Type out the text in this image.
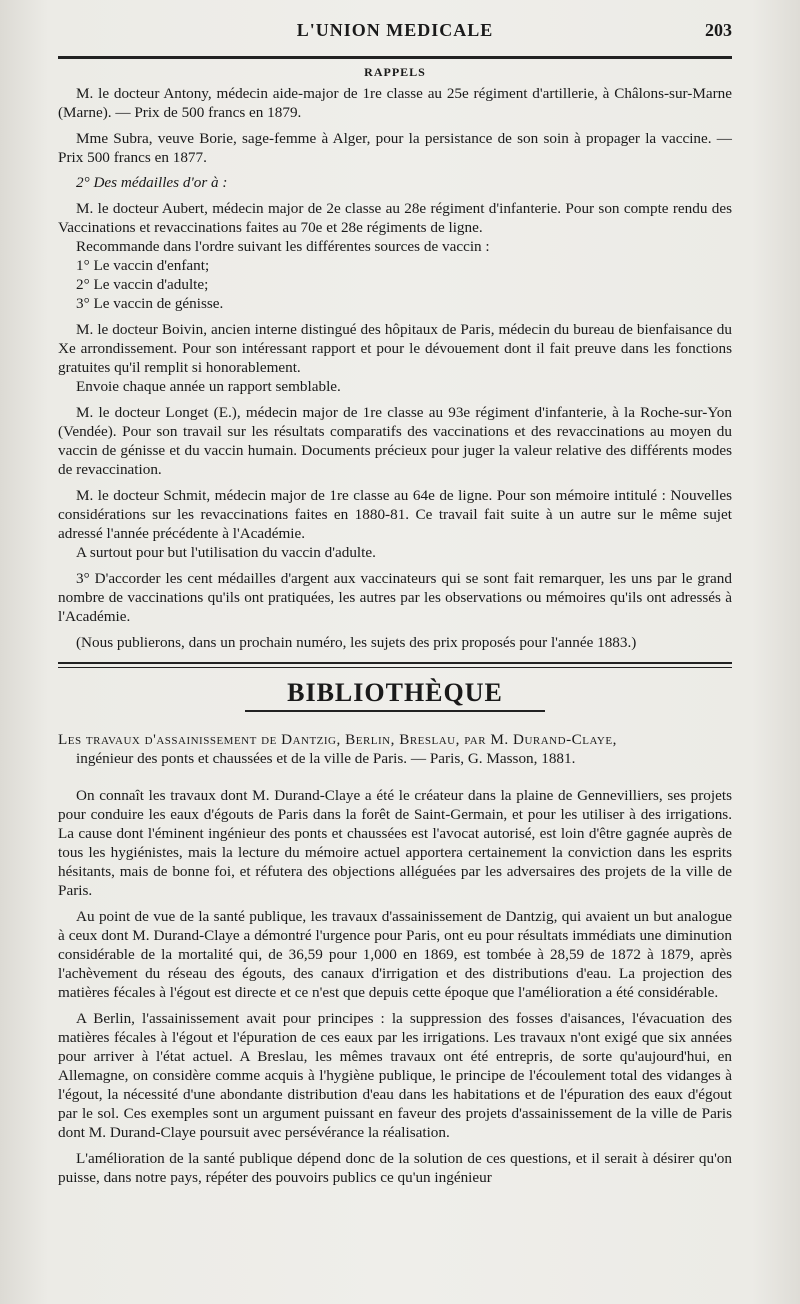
L'UNION MEDICALE	203
RAPPELS

M. le docteur Antony, médecin aide-major de 1re classe au 25e régiment d'artillerie, à Châlons-sur-Marne (Marne). — Prix de 500 francs en 1879.

Mme Subra, veuve Borie, sage-femme à Alger, pour la persistance de son soin à propager la vaccine. — Prix 500 francs en 1877.

2° Des médailles d'or à :

M. le docteur Aubert, médecin major de 2e classe au 28e régiment d'infanterie. Pour son compte rendu des Vaccinations et revaccinations faites au 70e et 28e régiments de ligne.

Recommande dans l'ordre suivant les différentes sources de vaccin :

1° Le vaccin d'enfant;

2° Le vaccin d'adulte;

3° Le vaccin de génisse.

M. le docteur Boivin, ancien interne distingué des hôpitaux de Paris, médecin du bureau de bienfaisance du Xe arrondissement. Pour son intéressant rapport et pour le dévouement dont il fait preuve dans les fonctions gratuites qu'il remplit si honorablement.

Envoie chaque année un rapport semblable.

M. le docteur Longet (E.), médecin major de 1re classe au 93e régiment d'infanterie, à la Roche-sur-Yon (Vendée). Pour son travail sur les résultats comparatifs des vaccinations et des revaccinations au moyen du vaccin de génisse et du vaccin humain. Documents précieux pour juger la valeur relative des différents modes de revaccination.

M. le docteur Schmit, médecin major de 1re classe au 64e de ligne. Pour son mémoire intitulé : Nouvelles considérations sur les revaccinations faites en 1880-81. Ce travail fait suite à un autre sur le même sujet adressé l'année précédente à l'Académie.

A surtout pour but l'utilisation du vaccin d'adulte.

3° D'accorder les cent médailles d'argent aux vaccinateurs qui se sont fait remarquer, les uns par le grand nombre de vaccinations qu'ils ont pratiquées, les autres par les observations ou mémoires qu'ils ont adressés à l'Académie.

(Nous publierons, dans un prochain numéro, les sujets des prix proposés pour l'année 1883.)

BIBLIOTHÈQUE
Les travaux d'assainissement de Dantzig, Berlin, Breslau, par M. Durand-Claye,
ingénieur des ponts et chaussées et de la ville de Paris. — Paris, G. Masson, 1881.

On connaît les travaux dont M. Durand-Claye a été le créateur dans la plaine de Gennevilliers, ses projets pour conduire les eaux d'égouts de Paris dans la forêt de Saint-Germain, et pour les utiliser à des irrigations. La cause dont l'éminent ingénieur des ponts et chaussées est l'avocat autorisé, est loin d'être gagnée auprès de tous les hygiénistes, mais la lecture du mémoire actuel apportera certainement la conviction dans les esprits hésitants, mais de bonne foi, et réfutera des objections alléguées par les adversaires des projets de la ville de Paris.

Au point de vue de la santé publique, les travaux d'assainissement de Dantzig, qui avaient un but analogue à ceux dont M. Durand-Claye a démontré l'urgence pour Paris, ont eu pour résultats immédiats une diminution considérable de la mortalité qui, de 36,59 pour 1,000 en 1869, est tombée à 28,59 de 1872 à 1879, après l'achèvement du réseau des égouts, des canaux d'irrigation et des distributions d'eau. La projection des matières fécales à l'égout est directe et ce n'est que depuis cette époque que l'amélioration a été considérable.

A Berlin, l'assainissement avait pour principes : la suppression des fosses d'aisances, l'évacuation des matières fécales à l'égout et l'épuration de ces eaux par les irrigations. Les travaux n'ont exigé que six années pour arriver à l'état actuel. A Breslau, les mêmes travaux ont été entrepris, de sorte qu'aujourd'hui, en Allemagne, on considère comme acquis à l'hygiène publique, le principe de l'écoulement total des vidanges à l'égout, la nécessité d'une abondante distribution d'eau dans les habitations et de l'épuration des eaux d'égout par le sol. Ces exemples sont un argument puissant en faveur des projets d'assainissement de la ville de Paris dont M. Durand-Claye poursuit avec persévérance la réalisation.

L'amélioration de la santé publique dépend donc de la solution de ces questions, et il serait à désirer qu'on puisse, dans notre pays, répéter des pouvoirs publics ce qu'un ingénieur
